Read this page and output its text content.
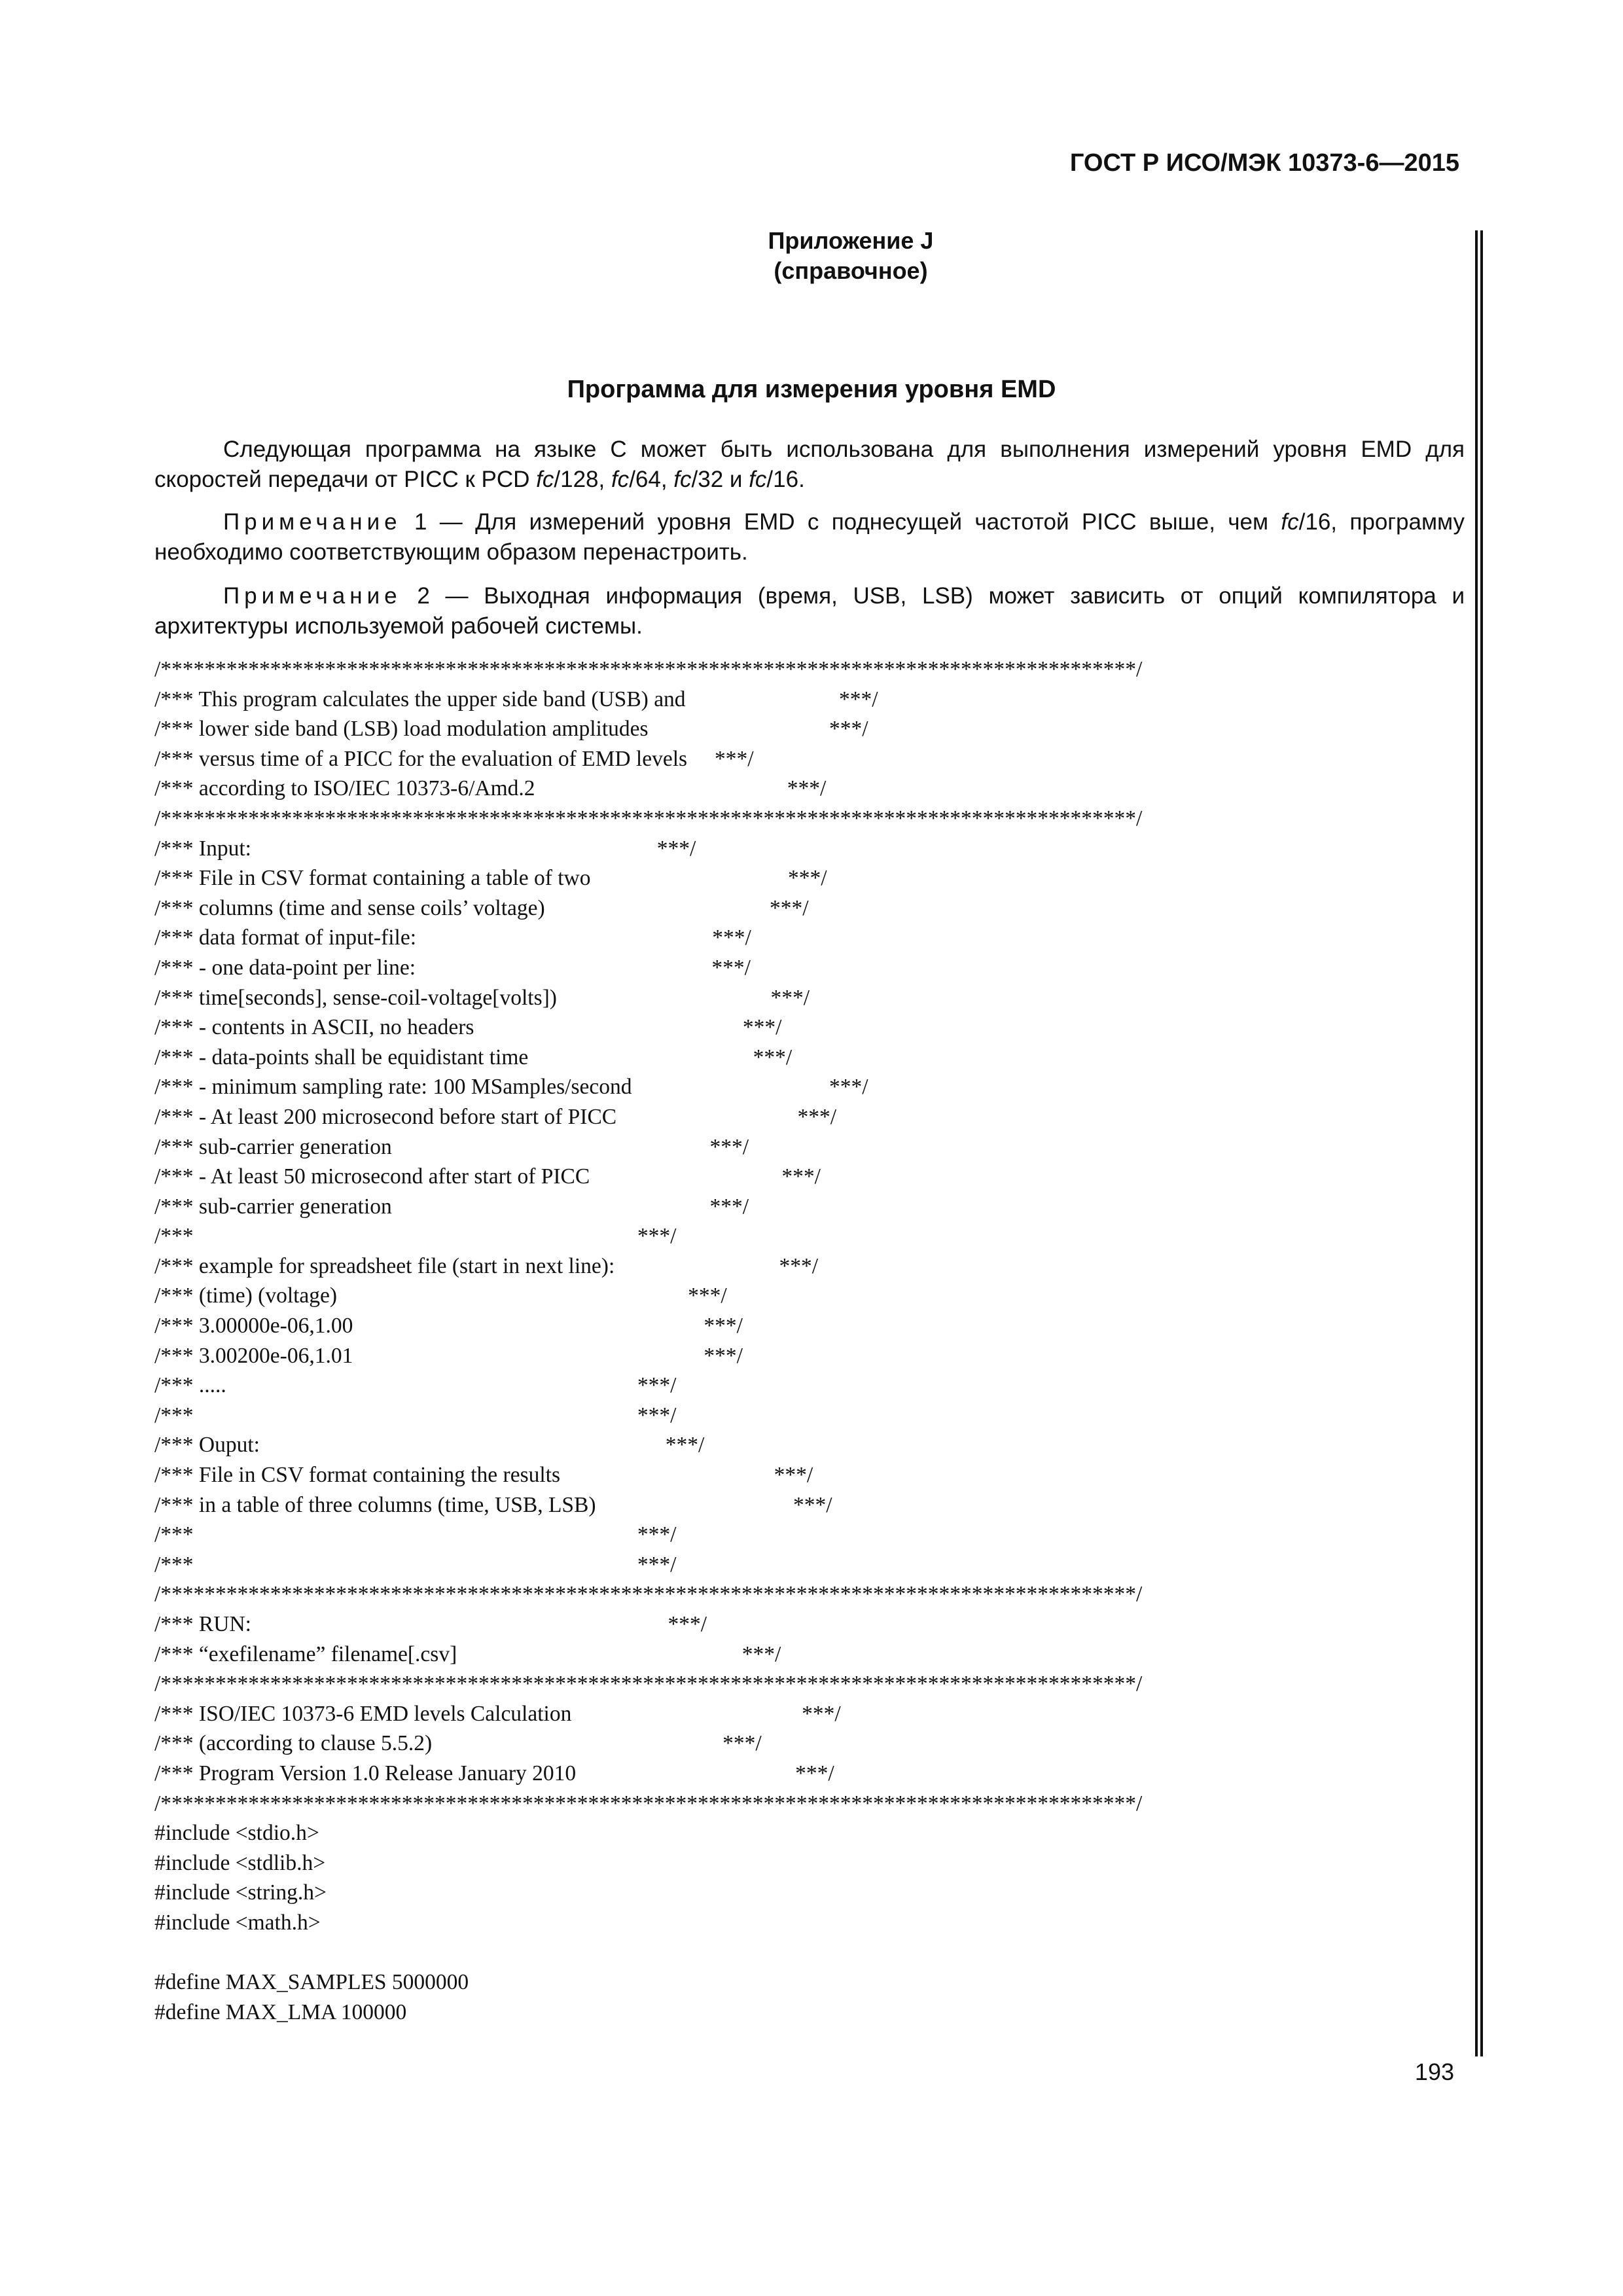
ГОСТ Р ИСО/МЭК 10373-6—2015
Приложение J
(справочное)
Программа для измерения уровня EMD
Следующая программа на языке С может быть использована для выполнения измерений уровня EMD для скоростей передачи от PICC к PCD fc/128, fc/64, fc/32 и fc/16.
Примечание 1 — Для измерений уровня EMD с поднесущей частотой PICC выше, чем fc/16, программу необходимо соответствующим образом перенастроить.
Примечание 2 — Выходная информация (время, USB, LSB) может зависить от опций компилятора и архитектуры используемой рабочей системы.
/*****************************************************************************************/
/*** This program calculates the upper side band (USB) and                            ***/
/*** lower side band (LSB) load modulation amplitudes                                 ***/
/*** versus time of a PICC for the evaluation of EMD levels     ***/
/*** according to ISO/IEC 10373-6/Amd.2                                              ***/
/*****************************************************************************************/
/*** Input:                                                                          ***/
/*** File in CSV format containing a table of two                                    ***/
/*** columns (time and sense coils’ voltage)                                         ***/
/*** data format of input-file:                                                      ***/
/*** - one data-point per line:                                                      ***/
/*** time[seconds], sense-coil-voltage[volts])                                       ***/
/*** - contents in ASCII, no headers                                                 ***/
/*** - data-points shall be equidistant time                                         ***/
/*** - minimum sampling rate: 100 MSamples/second                                    ***/
/*** - At least 200 microsecond before start of PICC                                 ***/
/*** sub-carrier generation                                                          ***/
/*** - At least 50 microsecond after start of PICC                                   ***/
/*** sub-carrier generation                                                          ***/
/***                                                                                 ***/
/*** example for spreadsheet file (start in next line):                              ***/
/*** (time) (voltage)                                                                ***/
/*** 3.00000e-06,1.00                                                                ***/
/*** 3.00200e-06,1.01                                                                ***/
/*** .....                                                                           ***/
/***                                                                                 ***/
/*** Ouput:                                                                          ***/
/*** File in CSV format containing the results                                       ***/
/*** in a table of three columns (time, USB, LSB)                                    ***/
/***                                                                                 ***/
/***                                                                                 ***/
/*****************************************************************************************/
/*** RUN:                                                                            ***/
/*** “exefilename” filename[.csv]                                                    ***/
/*****************************************************************************************/
/*** ISO/IEC 10373-6 EMD levels Calculation                                          ***/
/*** (according to clause 5.5.2)                                                     ***/
/*** Program Version 1.0 Release January 2010                                        ***/
/*****************************************************************************************/
#include <stdio.h>
#include <stdlib.h>
#include <string.h>
#include <math.h>
#define MAX_SAMPLES 5000000
#define MAX_LMA 100000
193
